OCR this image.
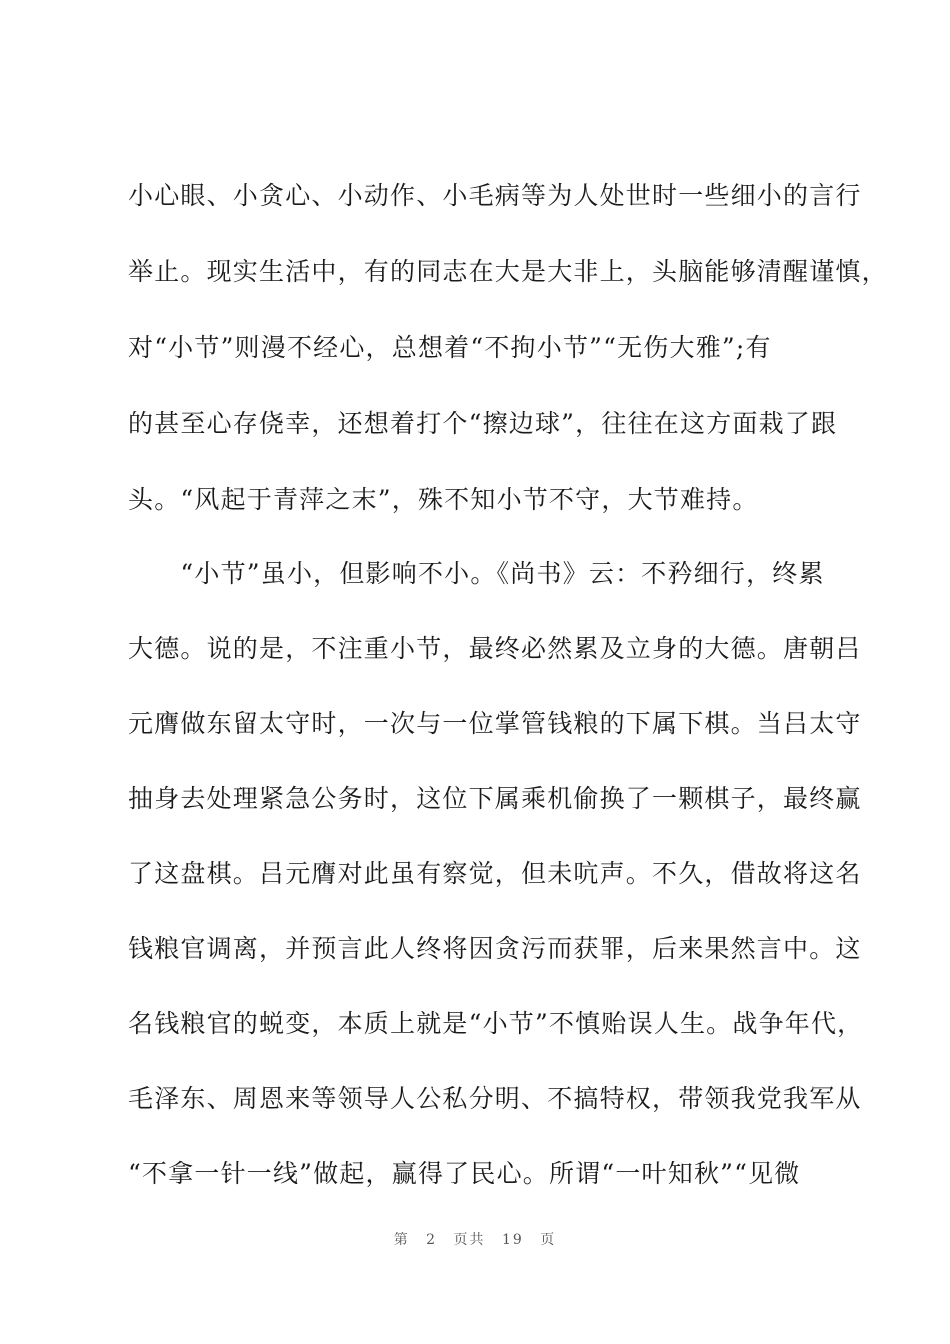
小心眼、小贪心、小动作、小毛病等为人处世时一些细小的言行
举止。现实生活中，有的同志在大是大非上，头脑能够清醒谨慎，
对“小节”则漫不经心，总想着“不拘小节”“无伤大雅”;有
的甚至心存侥幸，还想着打个“擦边球”，往往在这方面栽了跟
头。“风起于青萍之末”，殊不知小节不守，大节难持。
　　“小节”虽小，但影响不小。《尚书》云：不矜细行，终累
大德。说的是，不注重小节，最终必然累及立身的大德。唐朝吕
元膺做东留太守时，一次与一位掌管钱粮的下属下棋。当吕太守
抽身去处理紧急公务时，这位下属乘机偷换了一颗棋子，最终赢
了这盘棋。吕元膺对此虽有察觉，但未吭声。不久，借故将这名
钱粮官调离，并预言此人终将因贪污而获罪，后来果然言中。这
名钱粮官的蜕变，本质上就是“小节”不慎贻误人生。战争年代，
毛泽东、周恩来等领导人公私分明、不搞特权，带领我党我军从
“不拿一针一线”做起，赢得了民心。所谓“一叶知秋”“见微
第 2 页共 19 页
